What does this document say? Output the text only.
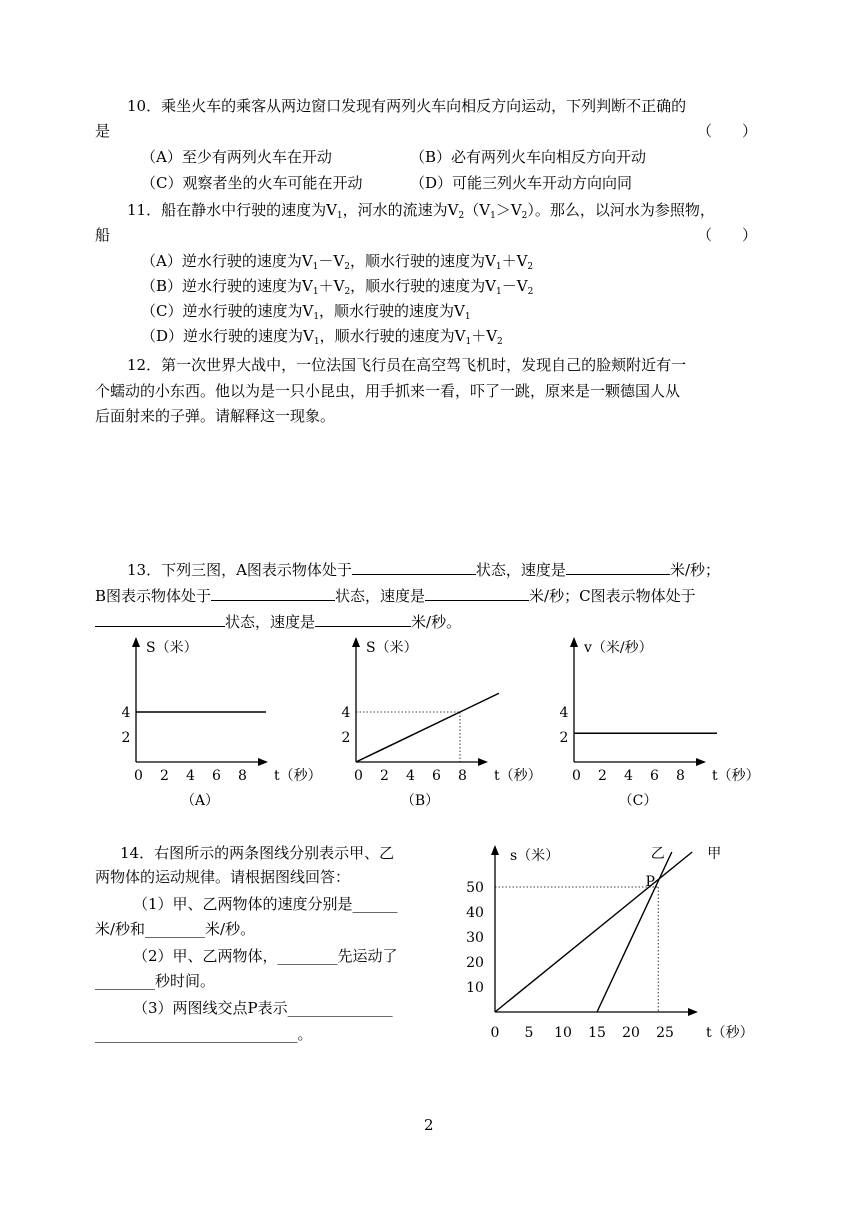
10．乘坐火车的乘客从两边窗口发现有两列火车向相反方向运动，下列判断不正确的
是	（　　）
（A）至少有两列火车在开动	（B）必有两列火车向相反方向开动
（C）观察者坐的火车可能在开动	（D）可能三列火车开动方向向同
11．船在静水中行驶的速度为$V_1$，河水的流速为$V_2(V_1>V_2)$。那么，以河水为参照物，
船	（　　）
（A）逆水行驶的速度为$V_1-V_2$，顺水行驶的速度为$V_1+V_2$
（B）逆水行驶的速度为$V_1+V_2$，顺水行驶的速度为$V_1-V_2$
（C）逆水行驶的速度为$V_1$，顺水行驶的速度为$V_1$
（D）逆水行驶的速度为$V_1$，顺水行驶的速度为$V_1+V_2$
12．第一次世界大战中，一位法国飞行员在高空驾飞机时，发现自己的脸颊附近有一
个蠕动的小东西。他以为是一只小昆虫，用手抓来一看，吓了一跳，原来是一颗德国人从
后面射来的子弹。请解释这一现象。
13．下列三图，A图表示物体处于	状态，速度是	米/秒；
B图表示物体处于	状态，速度是	米/秒；C图表示物体处于
状态，速度是	米/秒。
S（米）
t（秒）
0 2 4 6 8
2
4
（A）
S（米）
t（秒）
0 2 4 6 8
2
4
（B）
v（米/秒）
t（秒）
0 2 4 6 8
2
4
（C）
14．右图所示的两条图线分别表示甲、乙
两物体的运动规律。请根据图线回答：
（1）甲、乙两物体的速度分别是______
米/秒和________米/秒。
（2）甲、乙两物体，________先运动了
________秒时间。
（3）两图线交点P表示______________
___________________________。
s（米）
t（秒）
0 5 10 15 20 25
10
20
30
40
50
乙	甲
P
2
